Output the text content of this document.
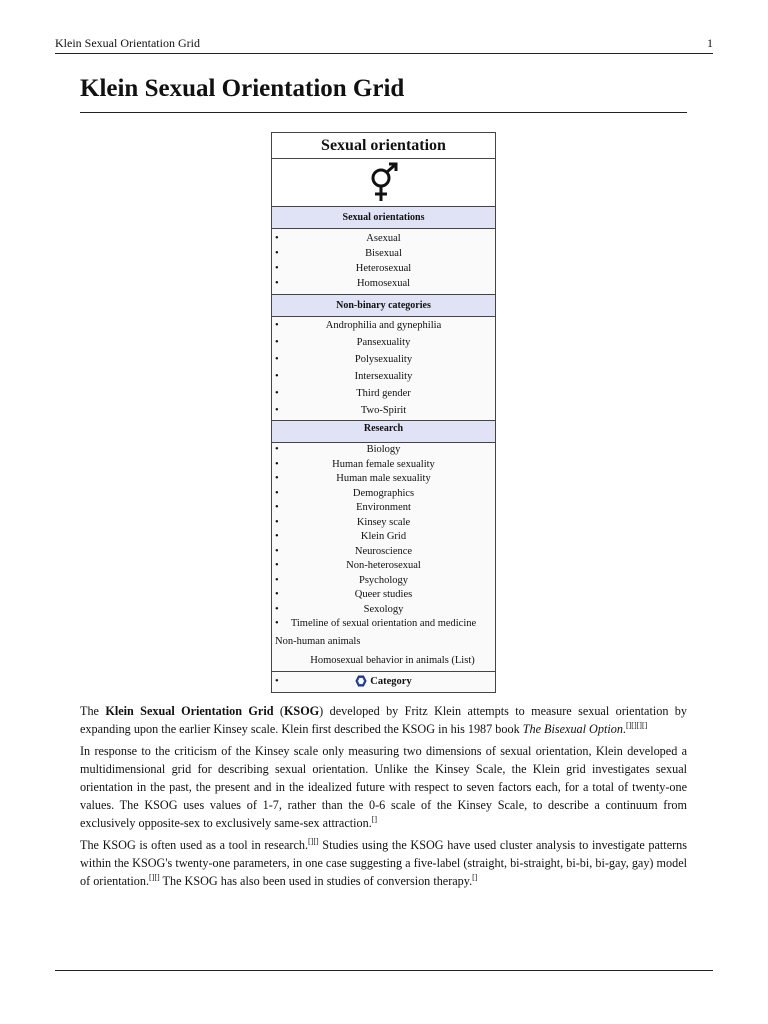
Klein Sexual Orientation Grid	1
Klein Sexual Orientation Grid
Sexual orientation
Sexual orientations
•	Asexual
•	Bisexual
•	Heterosexual
•	Homosexual
Non-binary categories
•	Androphilia and gynephilia
•	Pansexuality
•	Polysexuality
•	Intersexuality
•	Third gender
•	Two-Spirit
Research
•	Biology
•	Human female sexuality
•	Human male sexuality
•	Demographics
•	Environment
•	Kinsey scale
•	Klein Grid
•	Neuroscience
•	Non-heterosexual
•	Psychology
•	Queer studies
•	Sexology
• Timeline of sexual orientation and medicine
Non-human animals
Homosexual behavior in animals (List)
•	Category

The Klein Sexual Orientation Grid (KSOG) developed by Fritz Klein attempts to measure sexual orientation by expanding upon the earlier Kinsey scale. Klein first described the KSOG in his 1987 book The Bisexual Option.[][][][]

In response to the criticism of the Kinsey scale only measuring two dimensions of sexual orientation, Klein developed a multidimensional grid for describing sexual orientation. Unlike the Kinsey Scale, the Klein grid investigates sexual orientation in the past, the present and in the idealized future with respect to seven factors each, for a total of twenty-one values. The KSOG uses values of 1-7, rather than the 0-6 scale of the Kinsey Scale, to describe a continuum from exclusively opposite-sex to exclusively same-sex attraction.[]

The KSOG is often used as a tool in research.[][] Studies using the KSOG have used cluster analysis to investigate patterns within the KSOG's twenty-one parameters, in one case suggesting a five-label (straight, bi-straight, bi-bi, bi-gay, gay) model of orientation.[][] The KSOG has also been used in studies of conversion therapy.[]
